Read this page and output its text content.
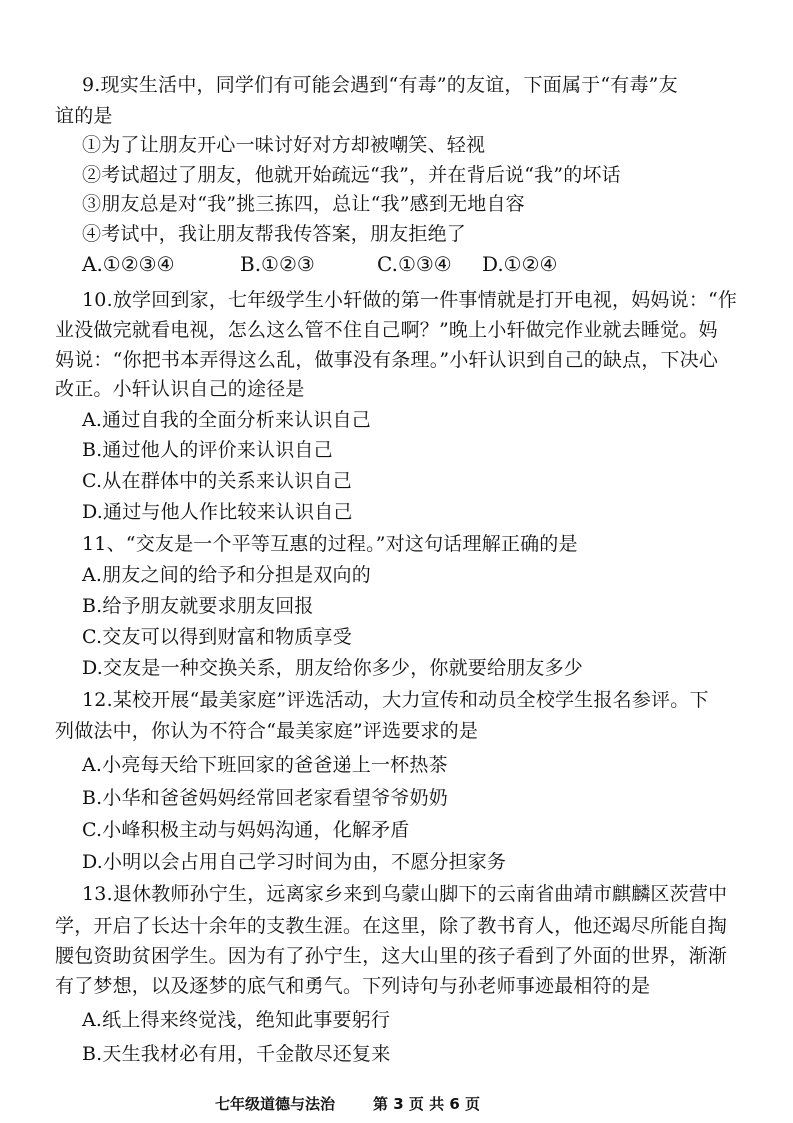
9.现实生活中，同学们有可能会遇到“有毒”的友谊，下面属于“有毒”友
谊的是
①为了让朋友开心一味讨好对方却被嘲笑、轻视
②考试超过了朋友，他就开始疏远“我”，并在背后说“我”的坏话
③朋友总是对“我”挑三拣四，总让“我”感到无地自容
④考试中，我让朋友帮我传答案，朋友拒绝了
A.①②③④	B.①②③	C.①③④ D.①②④
10.放学回到家，七年级学生小轩做的第一件事情就是打开电视，妈妈说：“作
业没做完就看电视，怎么这么管不住自己啊？”晚上小轩做完作业就去睡觉。妈
妈说：“你把书本弄得这么乱，做事没有条理。”小轩认识到自己的缺点，下决心
改正。小轩认识自己的途径是
A.通过自我的全面分析来认识自己
B.通过他人的评价来认识自己
C.从在群体中的关系来认识自己
D.通过与他人作比较来认识自己
11、“交友是一个平等互惠的过程。”对这句话理解正确的是
A.朋友之间的给予和分担是双向的
B.给予朋友就要求朋友回报
C.交友可以得到财富和物质享受
D.交友是一种交换关系，朋友给你多少，你就要给朋友多少
12.某校开展“最美家庭”评选活动，大力宣传和动员全校学生报名参评。下
列做法中，你认为不符合“最美家庭”评选要求的是
A.小亮每天给下班回家的爸爸递上一杯热茶
B.小华和爸爸妈妈经常回老家看望爷爷奶奶
C.小峰积极主动与妈妈沟通，化解矛盾
D.小明以会占用自己学习时间为由，不愿分担家务
13.退休教师孙宁生，远离家乡来到乌蒙山脚下的云南省曲靖市麒麟区茨营中
学，开启了长达十余年的支教生涯。在这里，除了教书育人，他还竭尽所能自掏
腰包资助贫困学生。因为有了孙宁生，这大山里的孩子看到了外面的世界，渐渐
有了梦想，以及逐梦的底气和勇气。下列诗句与孙老师事迹最相符的是
A.纸上得来终觉浅，绝知此事要躬行
B.天生我材必有用，千金散尽还复来
七年级道德与法治	第 3 页 共 6 页
